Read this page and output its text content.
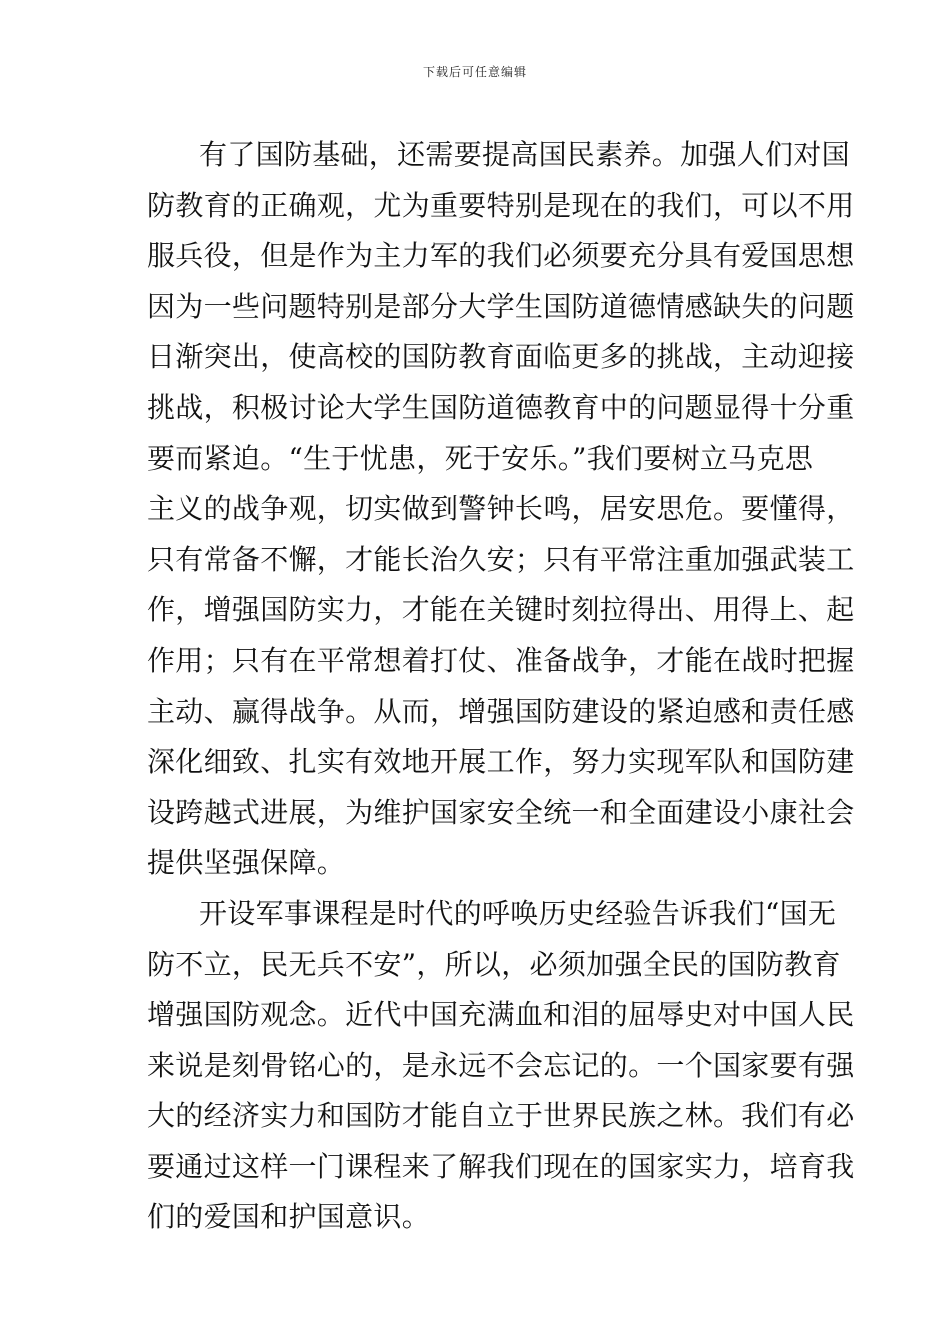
下载后可任意编辑
有了国防基础，还需要提高国民素养。加强人们对国
防教育的正确观，尤为重要特别是现在的我们，可以不用
服兵役，但是作为主力军的我们必须要充分具有爱国思想
因为一些问题特别是部分大学生国防道德情感缺失的问题
日渐突出，使高校的国防教育面临更多的挑战，主动迎接
挑战，积极讨论大学生国防道德教育中的问题显得十分重
要而紧迫。“生于忧患，死于安乐。”我们要树立马克思
主义的战争观，切实做到警钟长鸣，居安思危。要懂得，
只有常备不懈，才能长治久安；只有平常注重加强武装工
作，增强国防实力，才能在关键时刻拉得出、用得上、起
作用；只有在平常想着打仗、准备战争，才能在战时把握
主动、赢得战争。从而，增强国防建设的紧迫感和责任感
深化细致、扎实有效地开展工作，努力实现军队和国防建
设跨越式进展，为维护国家安全统一和全面建设小康社会
提供坚强保障。
开设军事课程是时代的呼唤历史经验告诉我们“国无
防不立，民无兵不安”，所以，必须加强全民的国防教育
增强国防观念。近代中国充满血和泪的屈辱史对中国人民
来说是刻骨铭心的，是永远不会忘记的。一个国家要有强
大的经济实力和国防才能自立于世界民族之林。我们有必
要通过这样一门课程来了解我们现在的国家实力，培育我
们的爱国和护国意识。
